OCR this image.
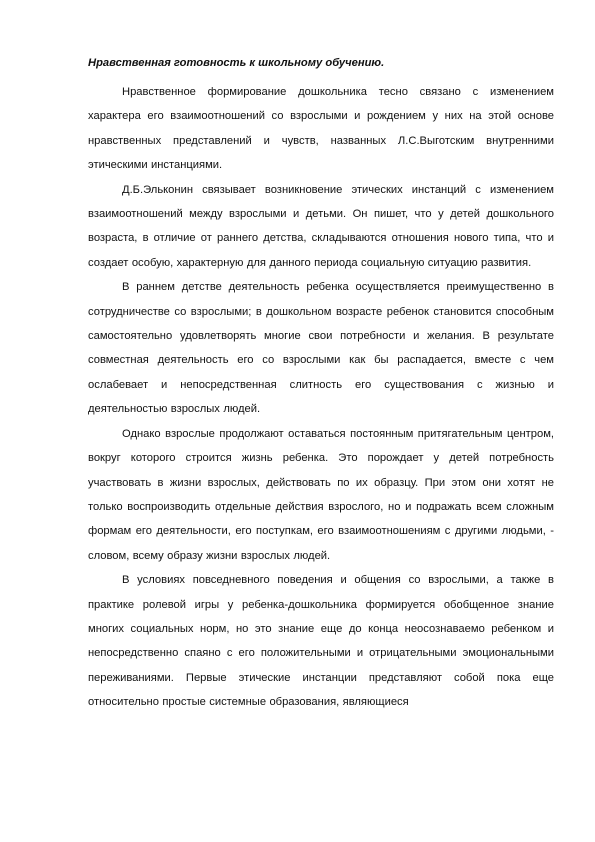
Нравственная готовность к школьному обучению.

Нравственное формирование дошкольника тесно связано с изменением характера его взаимоотношений со взрослыми и рождением у них на этой основе нравственных представлений и чувств, названных Л.С.Выготским внутренними этическими инстанциями.

Д.Б.Эльконин связывает возникновение этических инстанций с изменением взаимоотношений между взрослыми и детьми. Он пишет, что у детей дошкольного возраста, в отличие от раннего детства, складываются отношения нового типа, что и создает особую, характерную для данного периода социальную ситуацию развития.

В раннем детстве деятельность ребенка осуществляется преимущественно в сотрудничестве со взрослыми; в дошкольном возрасте ребенок становится способным самостоятельно удовлетворять многие свои потребности и желания. В результате совместная деятельность его со взрослыми как бы распадается, вместе с чем ослабевает и непосредственная слитность его существования с жизнью и деятельностью взрослых людей.

Однако взрослые продолжают оставаться постоянным притягательным центром, вокруг которого строится жизнь ребенка. Это порождает у детей потребность участвовать в жизни взрослых, действовать по их образцу. При этом они хотят не только воспроизводить отдельные действия взрослого, но и подражать всем сложным формам его деятельности, его поступкам, его взаимоотношениям с другими людьми, - словом, всему образу жизни взрослых людей.

В условиях повседневного поведения и общения со взрослыми, а также в практике ролевой игры у ребенка-дошкольника формируется обобщенное знание многих социальных норм, но это знание еще до конца неосознаваемо ребенком и непосредственно спаяно с его положительными и отрицательными эмоциональными переживаниями. Первые этические инстанции представляют собой пока еще относительно простые системные образования, являющиеся
